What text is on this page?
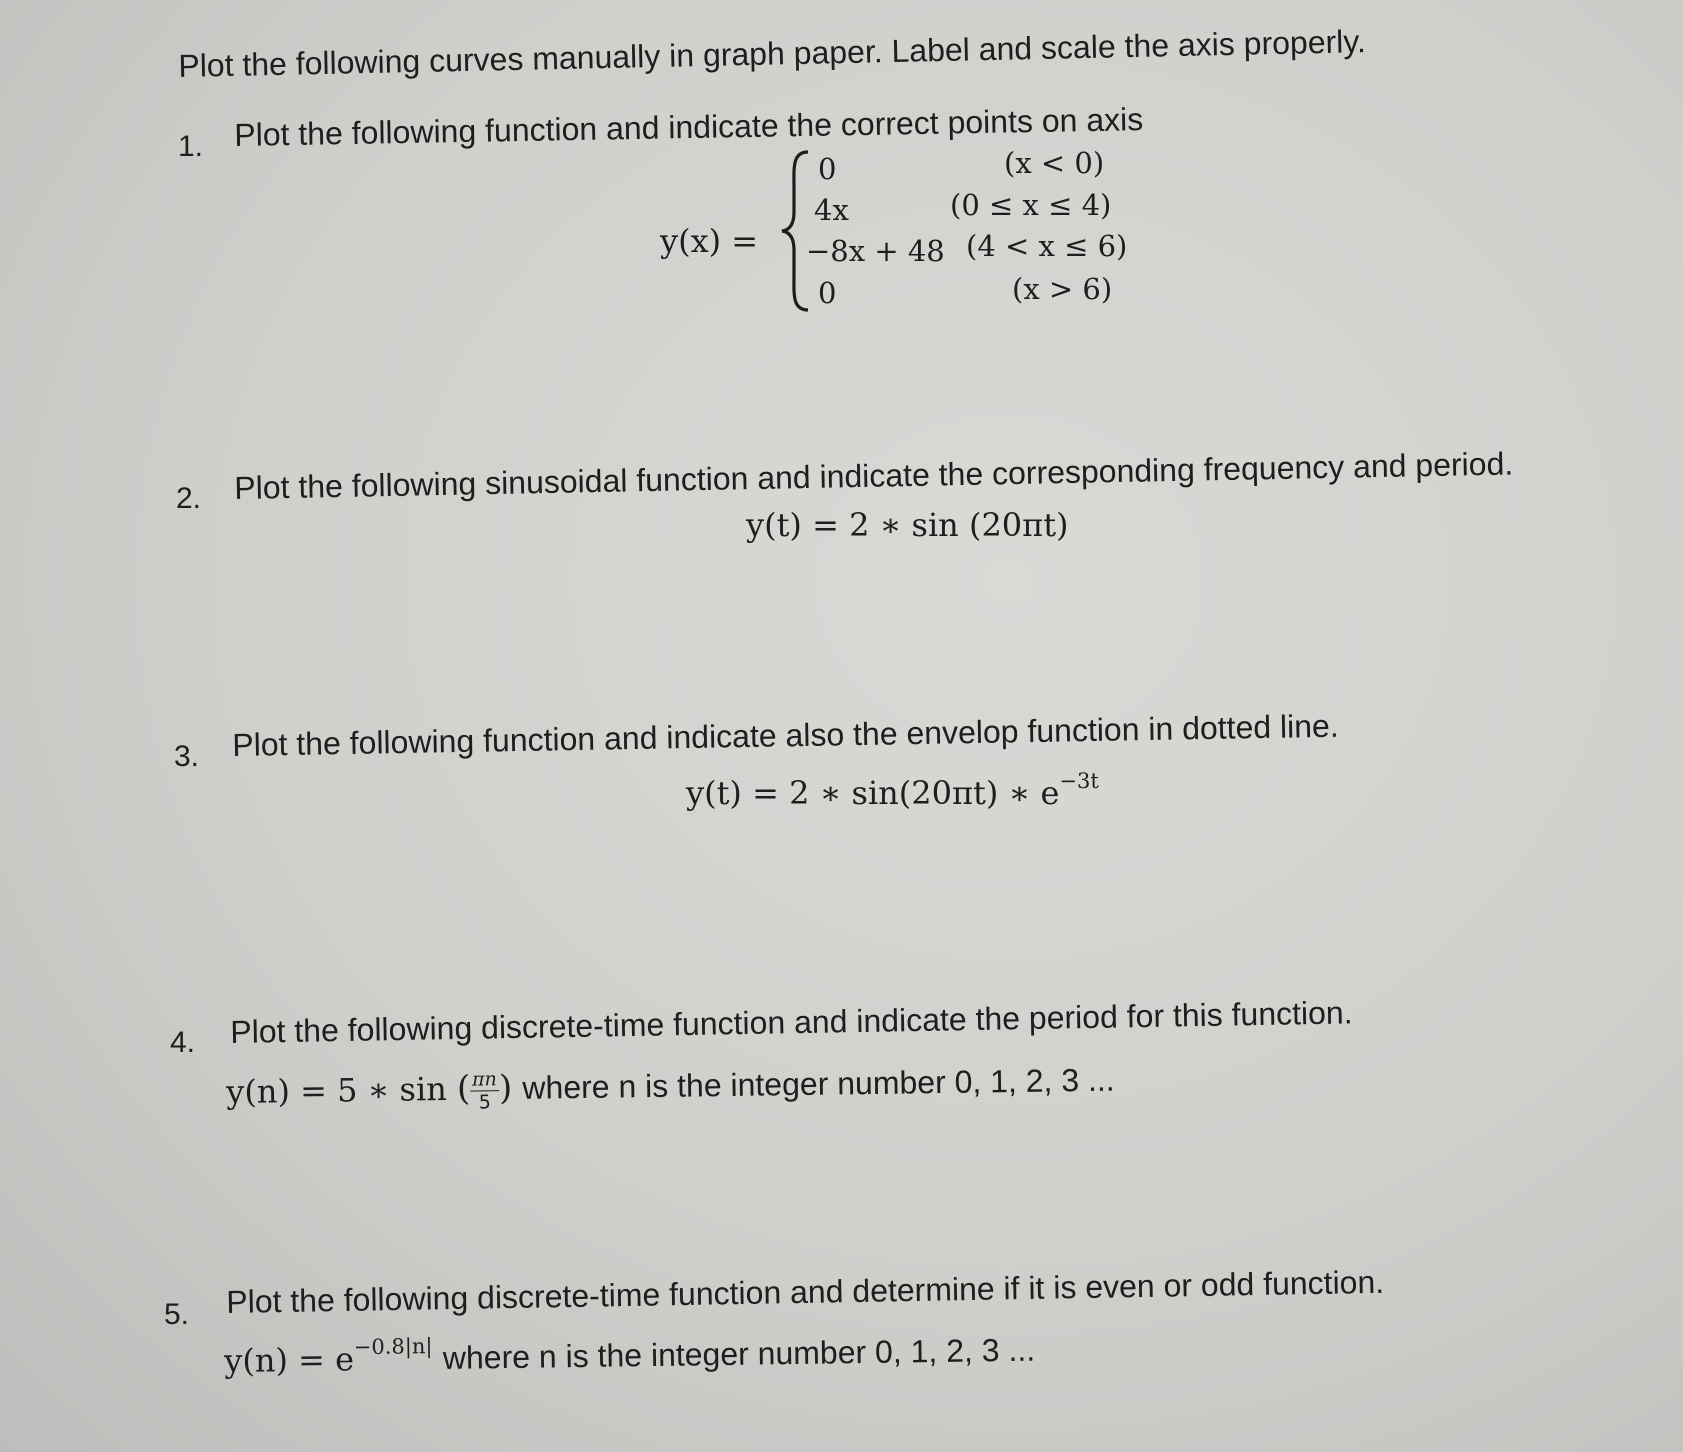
Plot the following curves manually in graph paper. Label and scale the axis properly.
1. Plot the following function and indicate the correct points on axis
y(x) =
0
4x
−8x + 48
0
(x < 0)
(0 ≤ x ≤ 4)
(4 < x ≤ 6)
(x > 6)
2. Plot the following sinusoidal function and indicate the corresponding frequency and period.
y(t) = 2 ∗ sin (20πt)
3. Plot the following function and indicate also the envelop function in dotted line.
y(t) = 2 ∗ sin(20πt) ∗ $e^{-3t}$
4. Plot the following discrete-time function and indicate the period for this function.
y(n) = 5 ∗ sin ( $\frac{\pi n}{5}$ ) where n is the integer number 0, 1, 2, 3 ...
5. Plot the following discrete-time function and determine if it is even or odd function.
$y(n) = e^{-0.8|n|}$ where n is the integer number 0, 1, 2, 3 ...
